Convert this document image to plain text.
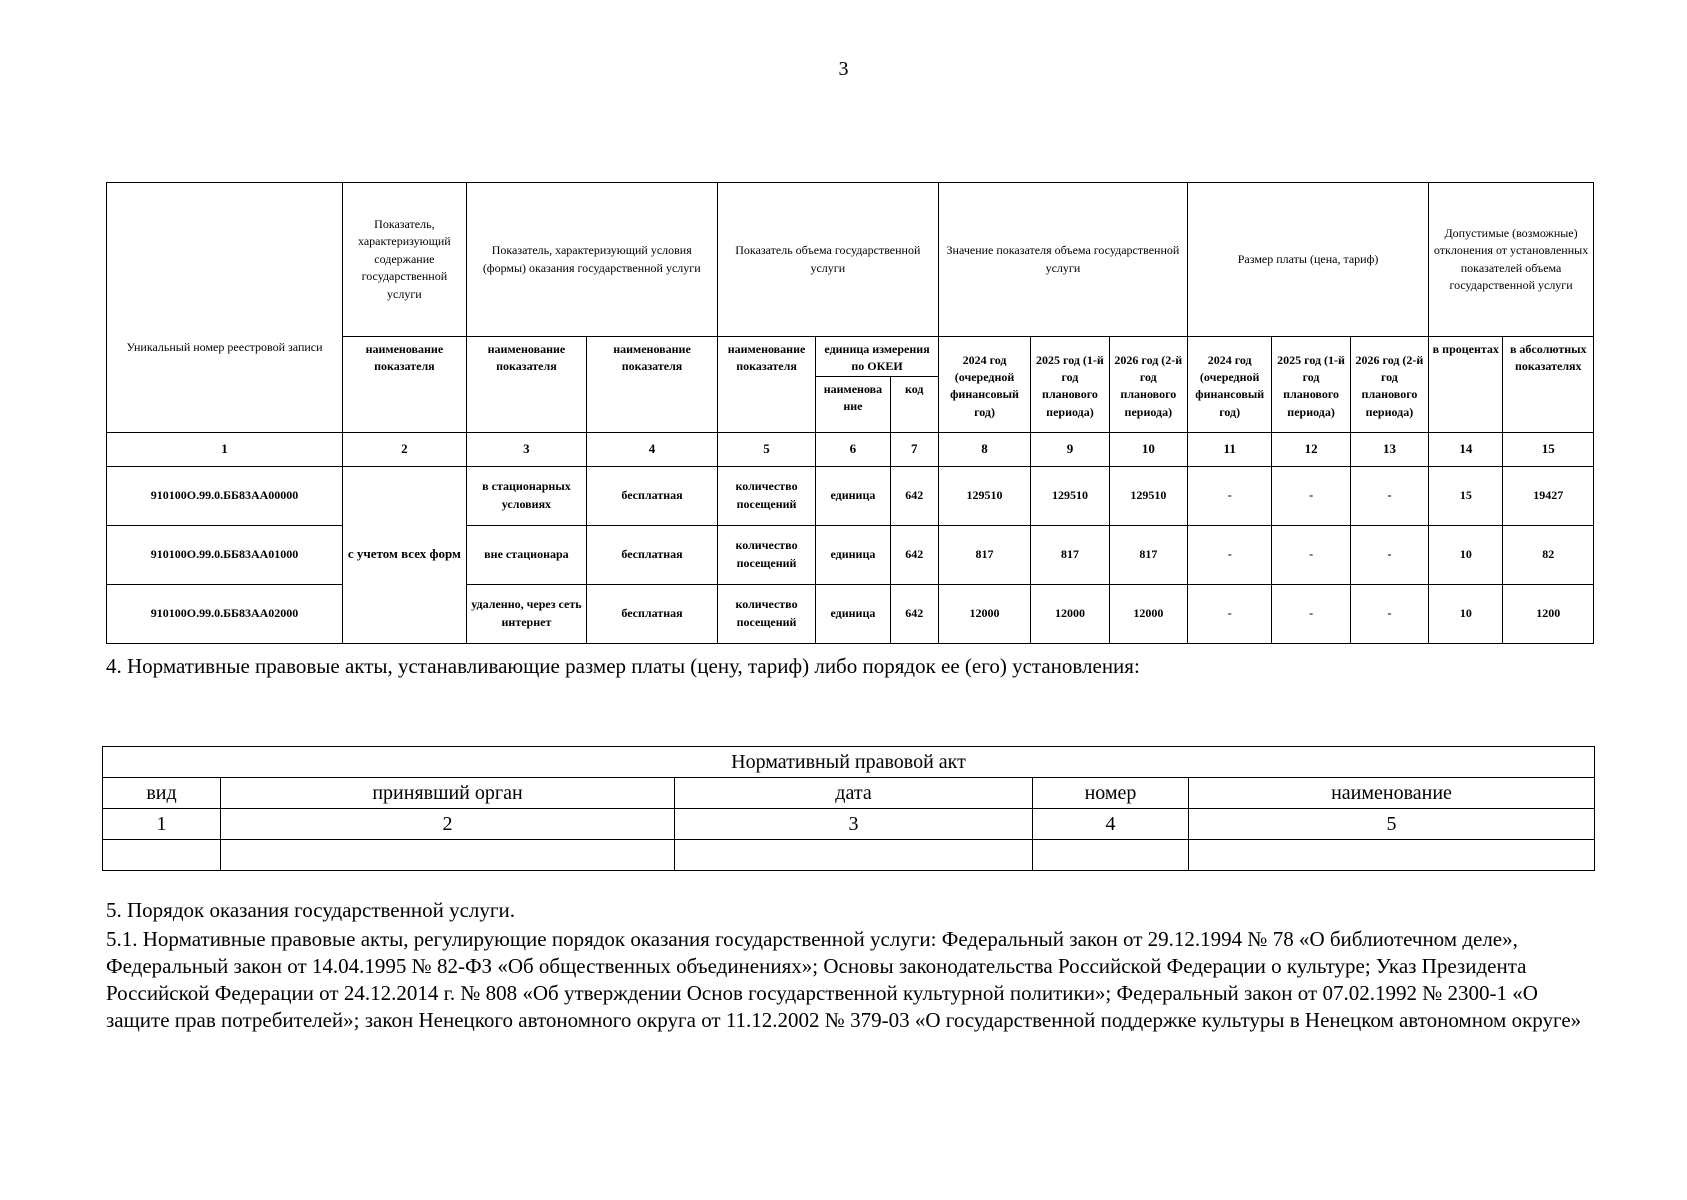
3
Уникальный номер реестровой записи	Показатель, характеризующий содержание государственной услуги	Показатель, характеризующий условия (формы) оказания государственной услуги		Показатель объема государственной услуги			Значение показателя объема государственной услуги			Размер платы (цена, тариф)			Допустимые (возможные) отклонения от установленных показателей объема государственной услуги	
	наименование показателя	наименование показателя	наименование показателя	наименование показателя	единица измерения по ОКЕИ		2024 год (очередной финансовый год)	2025 год (1-й год планового периода)	2026 год (2-й год планового периода)	2024 год (очередной финансовый год)	2025 год (1-й год планового периода)	2026 год (2-й год планового периода)	в процентах	в абсолютных показателях
					наименова ние	код								
1	2	3	4	5	6	7	8	9	10	11	12	13	14	15
910100О.99.0.ББ83АА00000	с учетом всех форм	в стационарных условиях	бесплатная	количество посещений	единица	642	129510	129510	129510	-	-	-	15	19427
910100О.99.0.ББ83АА01000		вне стационара	бесплатная	количество посещений	единица	642	817	817	817	-	-	-	10	82
910100О.99.0.ББ83АА02000		удаленно, через сеть интернет	бесплатная	количество посещений	единица	642	12000	12000	12000	-	-	-	10	1200
4. Нормативные правовые акты, устанавливающие размер платы (цену, тариф) либо порядок ее (его) установления:
Нормативный правовой акт				
вид	принявший орган	дата	номер	наименование
1	2	3	4	5

5. Порядок оказания государственной услуги.

5.1. Нормативные правовые акты, регулирующие порядок оказания государственной услуги: Федеральный закон от 29.12.1994 № 78 «О библиотечном деле», Федеральный закон от 14.04.1995 № 82-ФЗ «Об общественных объединениях»; Основы законодательства Российской Федерации о культуре; Указ Президента Российской Федерации от 24.12.2014 г. № 808 «Об утверждении Основ государственной культурной политики»; Федеральный закон от 07.02.1992 № 2300-1 «О защите прав потребителей»; закон Ненецкого автономного округа от 11.12.2002 № 379-03 «О государственной поддержке культуры в Ненецком автономном округе»
